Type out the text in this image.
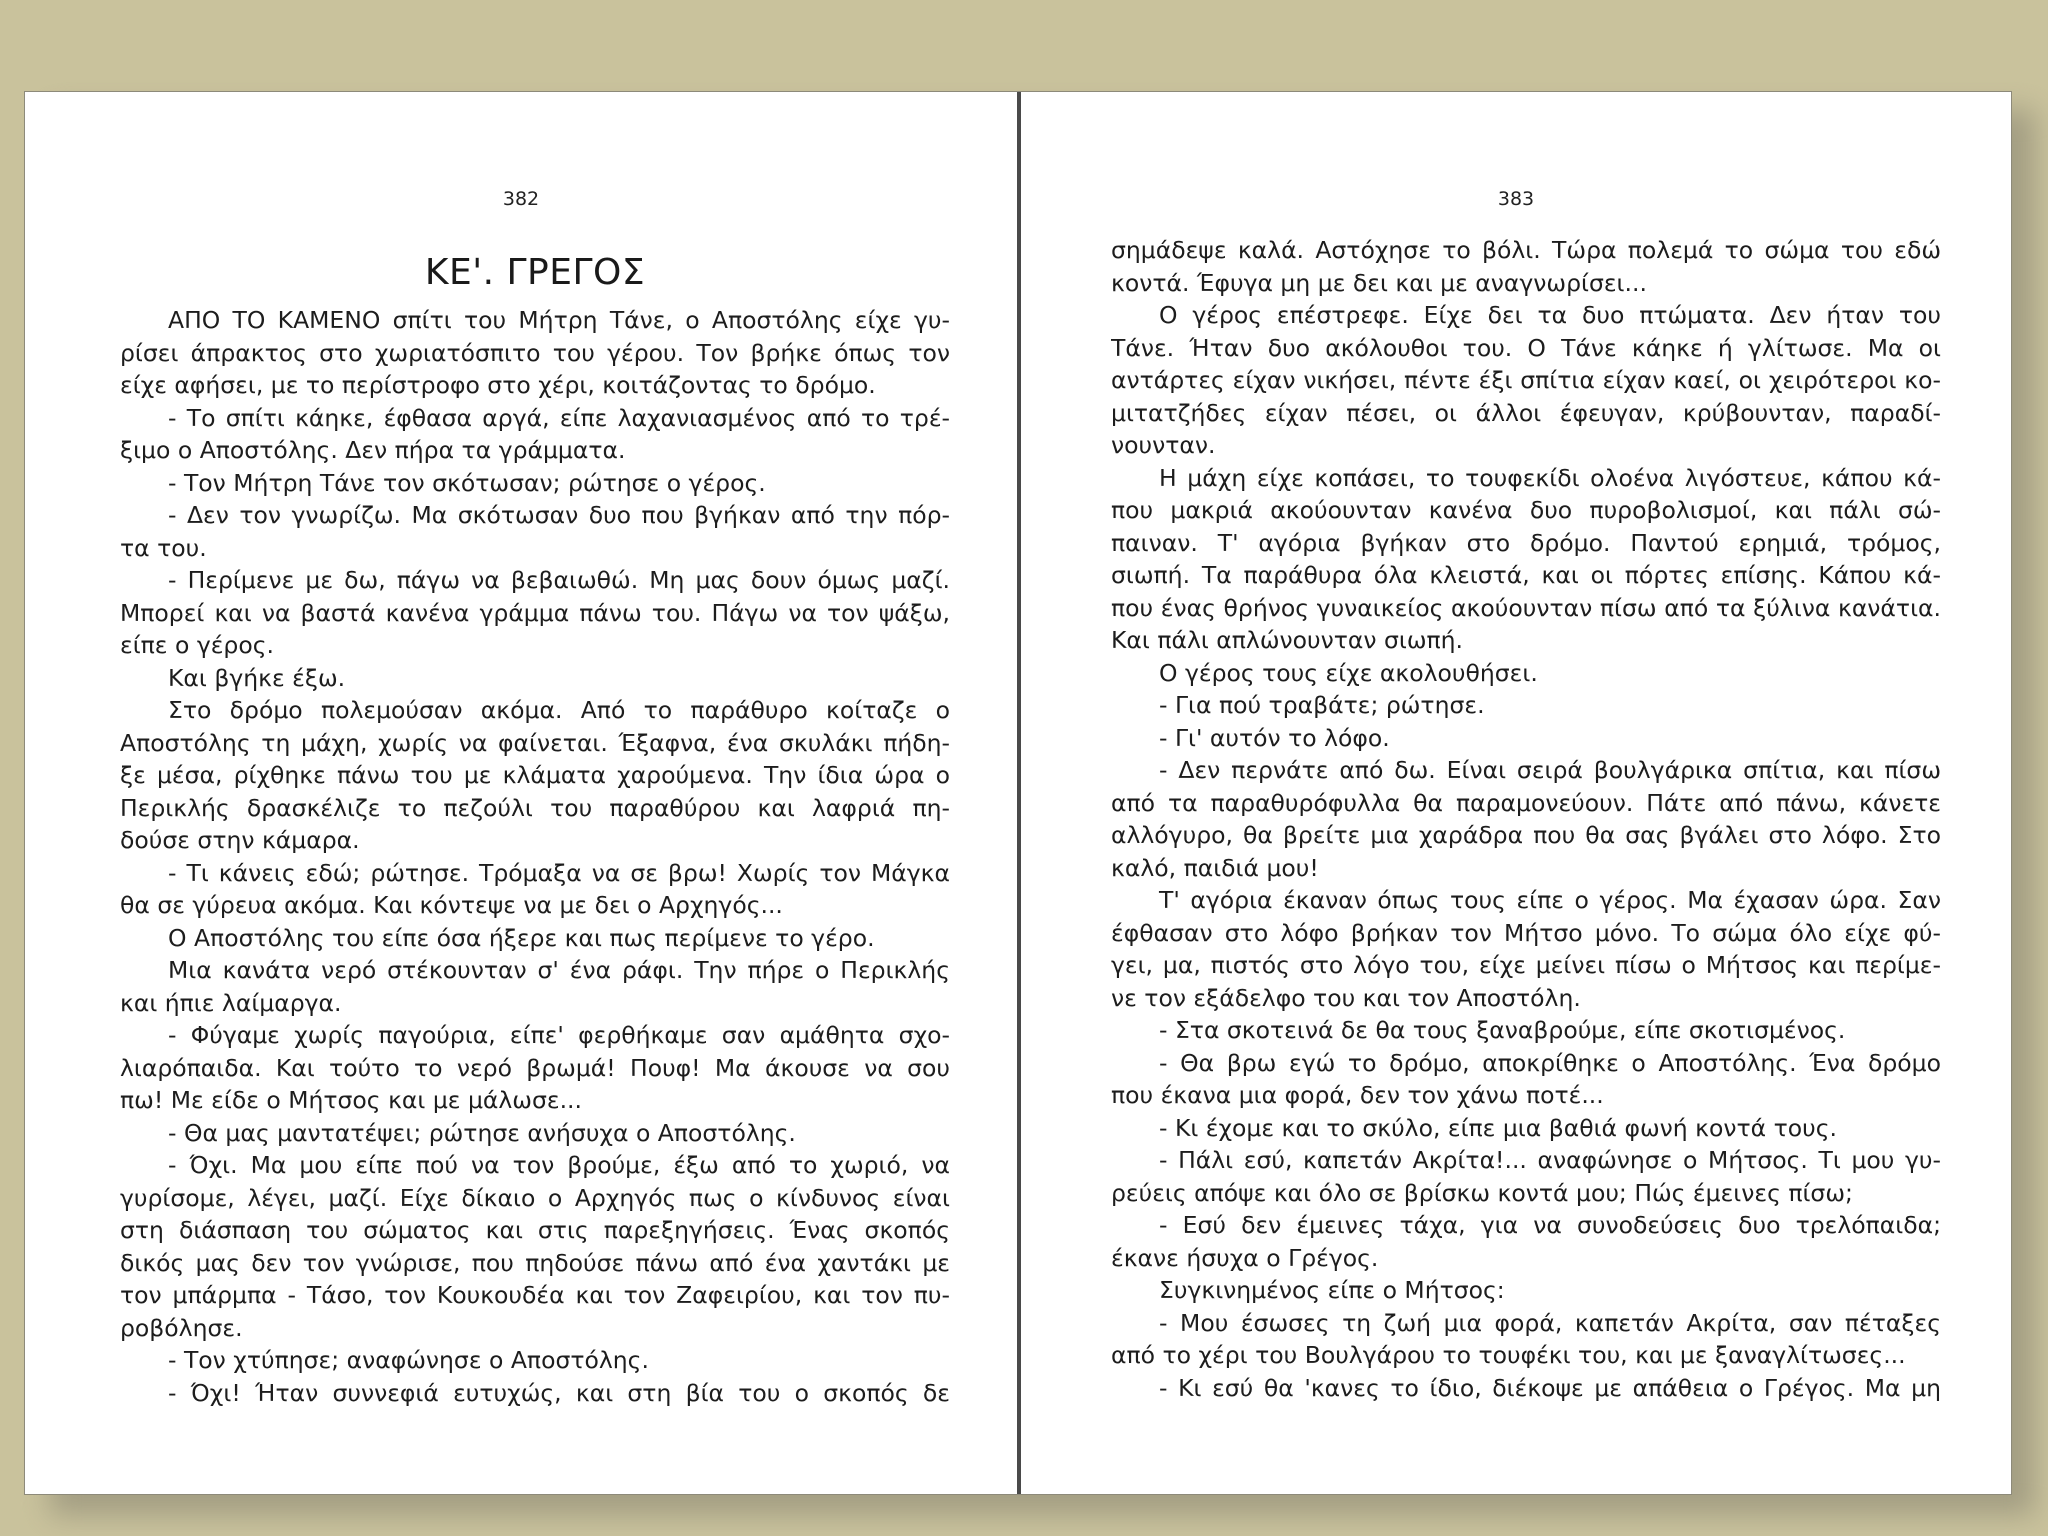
382
ΚΕ'. ΓΡΕΓΟΣ
ΑΠΟ ΤΟ ΚΑΜΕΝΟ σπίτι του Μήτρη Τάνε, ο Αποστόλης είχε γυ-
ρίσει άπρακτος στο χωριατόσπιτο του γέρου. Τον βρήκε όπως τον
είχε αφήσει, με το περίστροφο στο χέρι, κοιτάζοντας το δρόμο.
- Το σπίτι κάηκε, έφθασα αργά, είπε λαχανιασμένος από το τρέ-
ξιμο ο Αποστόλης. Δεν πήρα τα γράμματα.
- Τον Μήτρη Τάνε τον σκότωσαν; ρώτησε ο γέρος.
- Δεν τον γνωρίζω. Μα σκότωσαν δυο που βγήκαν από την πόρ-
τα του.
- Περίμενε με δω, πάγω να βεβαιωθώ. Μη μας δουν όμως μαζί.
Μπορεί και να βαστά κανένα γράμμα πάνω του. Πάγω να τον ψάξω,
είπε ο γέρος.
Και βγήκε έξω.
Στο δρόμο πολεμούσαν ακόμα. Από το παράθυρο κοίταζε ο
Αποστόλης τη μάχη, χωρίς να φαίνεται. Έξαφνα, ένα σκυλάκι πήδη-
ξε μέσα, ρίχθηκε πάνω του με κλάματα χαρούμενα. Την ίδια ώρα ο
Περικλής δρασκέλιζε το πεζούλι του παραθύρου και λαφριά πη-
δούσε στην κάμαρα.
- Τι κάνεις εδώ; ρώτησε. Τρόμαξα να σε βρω! Χωρίς τον Μάγκα
θα σε γύρευα ακόμα. Και κόντεψε να με δει ο Αρχηγός...
Ο Αποστόλης του είπε όσα ήξερε και πως περίμενε το γέρο.
Μια κανάτα νερό στέκουνταν σ' ένα ράφι. Την πήρε ο Περικλής
και ήπιε λαίμαργα.
- Φύγαμε χωρίς παγούρια, είπε' φερθήκαμε σαν αμάθητα σχο-
λιαρόπαιδα. Και τούτο το νερό βρωμά! Πουφ! Μα άκουσε να σου
πω! Με είδε ο Μήτσος και με μάλωσε...
- Θα μας μαντατέψει; ρώτησε ανήσυχα ο Αποστόλης.
- Όχι. Μα μου είπε πού να τον βρούμε, έξω από το χωριό, να
γυρίσομε, λέγει, μαζί. Είχε δίκαιο ο Αρχηγός πως ο κίνδυνος είναι
στη διάσπαση του σώματος και στις παρεξηγήσεις. Ένας σκοπός
δικός μας δεν τον γνώρισε, που πηδούσε πάνω από ένα χαντάκι με
τον μπάρμπα - Τάσο, τον Κουκουδέα και τον Ζαφειρίου, και τον πυ-
ροβόλησε.
- Τον χτύπησε; αναφώνησε ο Αποστόλης.
- Όχι! Ήταν συννεφιά ευτυχώς, και στη βία του ο σκοπός δε
383
σημάδεψε καλά. Αστόχησε το βόλι. Τώρα πολεμά το σώμα του εδώ
κοντά. Έφυγα μη με δει και με αναγνωρίσει...
Ο γέρος επέστρεφε. Είχε δει τα δυο πτώματα. Δεν ήταν του
Τάνε. Ήταν δυο ακόλουθοι του. Ο Τάνε κάηκε ή γλίτωσε. Μα οι
αντάρτες είχαν νικήσει, πέντε έξι σπίτια είχαν καεί, οι χειρότεροι κο-
μιτατζήδες είχαν πέσει, οι άλλοι έφευγαν, κρύβουνταν, παραδί-
νουνταν.
Η μάχη είχε κοπάσει, το τουφεκίδι ολοένα λιγόστευε, κάπου κά-
που μακριά ακούουνταν κανένα δυο πυροβολισμοί, και πάλι σώ-
παιναν. Τ' αγόρια βγήκαν στο δρόμο. Παντού ερημιά, τρόμος,
σιωπή. Τα παράθυρα όλα κλειστά, και οι πόρτες επίσης. Κάπου κά-
που ένας θρήνος γυναικείος ακούουνταν πίσω από τα ξύλινα κανάτια.
Και πάλι απλώνουνταν σιωπή.
Ο γέρος τους είχε ακολουθήσει.
- Για πού τραβάτε; ρώτησε.
- Γι' αυτόν το λόφο.
- Δεν περνάτε από δω. Είναι σειρά βουλγάρικα σπίτια, και πίσω
από τα παραθυρόφυλλα θα παραμονεύουν. Πάτε από πάνω, κάνετε
αλλόγυρο, θα βρείτε μια χαράδρα που θα σας βγάλει στο λόφο. Στο
καλό, παιδιά μου!
Τ' αγόρια έκαναν όπως τους είπε ο γέρος. Μα έχασαν ώρα. Σαν
έφθασαν στο λόφο βρήκαν τον Μήτσο μόνο. Το σώμα όλο είχε φύ-
γει, μα, πιστός στο λόγο του, είχε μείνει πίσω ο Μήτσος και περίμε-
νε τον εξάδελφο του και τον Αποστόλη.
- Στα σκοτεινά δε θα τους ξαναβρούμε, είπε σκοτισμένος.
- Θα βρω εγώ το δρόμο, αποκρίθηκε ο Αποστόλης. Ένα δρόμο
που έκανα μια φορά, δεν τον χάνω ποτέ...
- Κι έχομε και το σκύλο, είπε μια βαθιά φωνή κοντά τους.
- Πάλι εσύ, καπετάν Ακρίτα!... αναφώνησε ο Μήτσος. Τι μου γυ-
ρεύεις απόψε και όλο σε βρίσκω κοντά μου; Πώς έμεινες πίσω;
- Εσύ δεν έμεινες τάχα, για να συνοδεύσεις δυο τρελόπαιδα;
έκανε ήσυχα ο Γρέγος.
Συγκινημένος είπε ο Μήτσος:
- Μου έσωσες τη ζωή μια φορά, καπετάν Ακρίτα, σαν πέταξες
από το χέρι του Βουλγάρου το τουφέκι του, και με ξαναγλίτωσες...
- Κι εσύ θα 'κανες το ίδιο, διέκοψε με απάθεια ο Γρέγος. Μα μη
